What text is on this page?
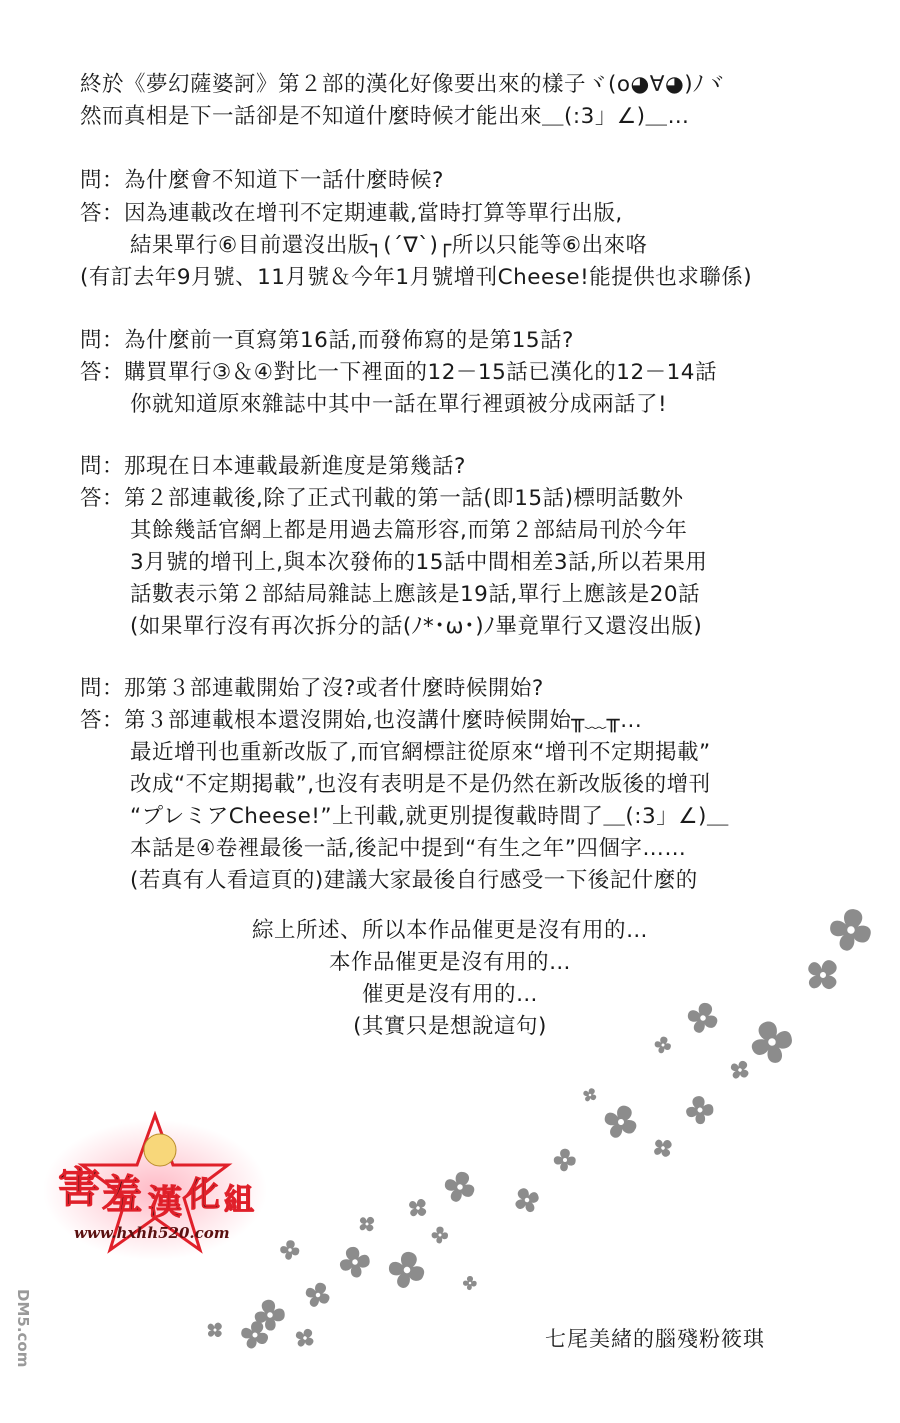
終於《夢幻薩婆訶》第２部的漢化好像要出來的樣子ヾ(o◕∀◕)ﾉヾ
然而真相是下一話卻是不知道什麼時候才能出來＿(:3」∠)＿…
問：為什麼會不知道下一話什麼時候?
答：因為連載改在增刊不定期連載,當時打算等單行出版,
結果單行⑥目前還沒出版┐(´∇`)┌所以只能等⑥出來咯
(有訂去年9月號、11月號＆今年1月號增刊Cheese!能提供也求聯係)
問：為什麼前一頁寫第16話,而發佈寫的是第15話?
答：購買單行③＆④對比一下裡面的12－15話已漢化的12－14話
你就知道原來雜誌中其中一話在單行裡頭被分成兩話了!
問：那現在日本連載最新進度是第幾話?
答：第２部連載後,除了正式刊載的第一話(即15話)標明話數外
其餘幾話官網上都是用過去篇形容,而第２部結局刊於今年
3月號的增刊上,與本次發佈的15話中間相差3話,所以若果用
話數表示第２部結局雜誌上應該是19話,單行上應該是20話
(如果單行沒有再次拆分的話(ﾉ*･ω･)ﾉ畢竟單行又還沒出版)
問：那第３部連載開始了沒?或者什麼時候開始?
答：第３部連載根本還沒開始,也沒講什麼時候開始╥﹏╥...
最近增刊也重新改版了,而官網標註從原來“增刊不定期掲載”
改成“不定期掲載”,也沒有表明是不是仍然在新改版後的增刊
“プレミアCheese!”上刊載,就更別提復載時間了＿(:3」∠)＿
本話是④卷裡最後一話,後記中提到“有生之年”四個字……
(若真有人看這頁的)建議大家最後自行感受一下後記什麼的
綜上所述、所以本作品催更是沒有用的…
本作品催更是沒有用的…
催更是沒有用的…
(其實只是想說這句)
害 羞 漢 化 組
www.hxhh520.com
七尾美緒的腦殘粉筱琪
DM5.com
